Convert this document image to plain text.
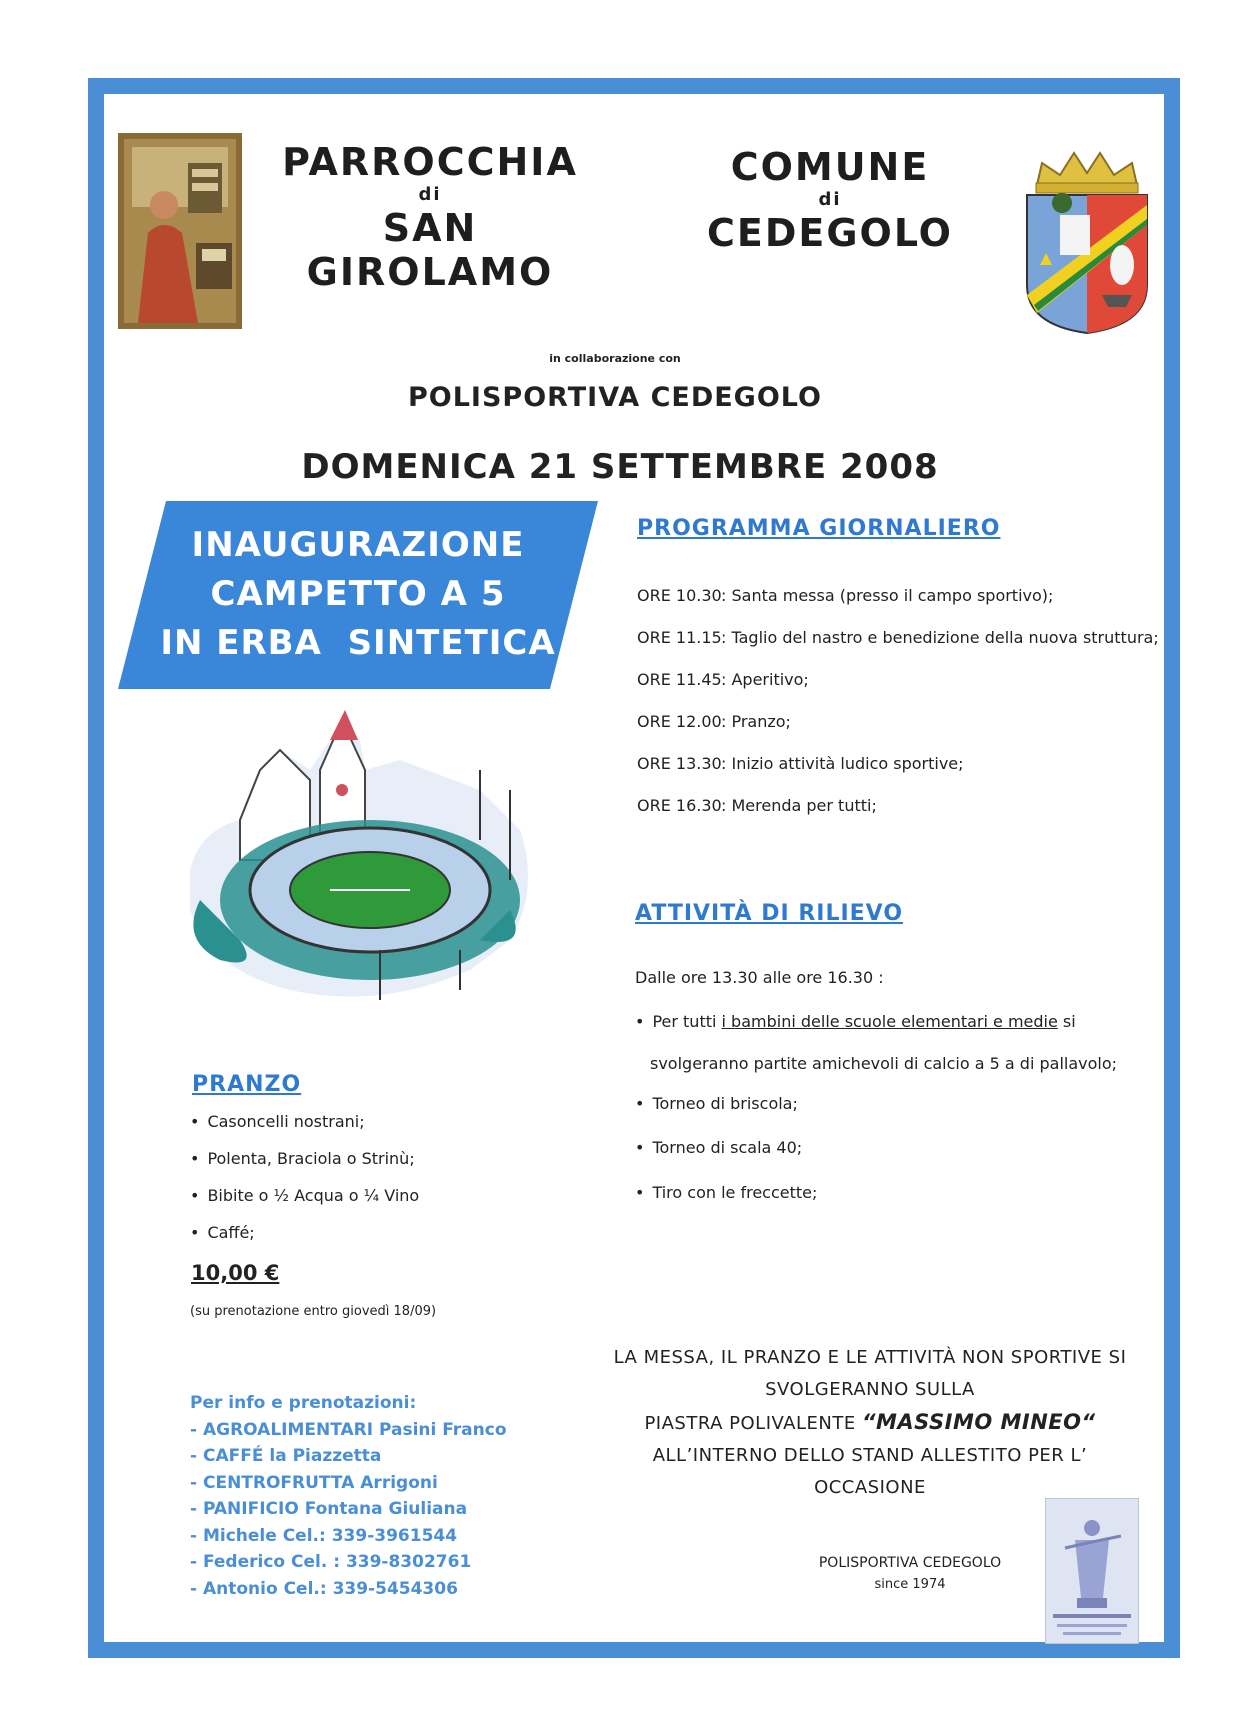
PARROCCHIA
di
SAN GIROLAMO
COMUNE
di
CEDEGOLO
in collaborazione con
POLISPORTIVA CEDEGOLO
DOMENICA 21 SETTEMBRE 2008
INAUGURAZIONE
CAMPETTO A 5
IN ERBA  SINTETICA
PROGRAMMA GIORNALIERO
ORE 10.30: Santa messa (presso il campo sportivo);
ORE 11.15: Taglio del nastro e benedizione della nuova struttura;
ORE 11.45: Aperitivo;
ORE 12.00: Pranzo;
ORE 13.30: Inizio attività ludico sportive;
ORE 16.30: Merenda per tutti;
ATTIVITÀ DI RILIEVO
Dalle ore 13.30 alle ore 16.30 :
• Per tutti i bambini delle scuole elementari e medie si
svolgeranno partite amichevoli di calcio a 5 a di pallavolo;
• Torneo di briscola;
• Torneo di scala 40;
• Tiro con le freccette;
PRANZO
• Casoncelli nostrani;
• Polenta, Braciola o Strinù;
• Bibite o ½ Acqua o ¼ Vino
• Caffé;
10,00 €
(su prenotazione entro giovedì 18/09)
Per info e prenotazioni:
- AGROALIMENTARI Pasini Franco
- CAFFÉ la Piazzetta
- CENTROFRUTTA Arrigoni
- PANIFICIO Fontana Giuliana
- Michele Cel.: 339-3961544
- Federico Cel. : 339-8302761
- Antonio Cel.: 339-5454306
LA MESSA, IL PRANZO E LE ATTIVITÀ NON SPORTIVE SI
SVOLGERANNO SULLA
PIASTRA POLIVALENTE “MASSIMO MINEO“
ALL’INTERNO DELLO STAND ALLESTITO PER L’ OCCASIONE
POLISPORTIVA CEDEGOLO
since 1974
